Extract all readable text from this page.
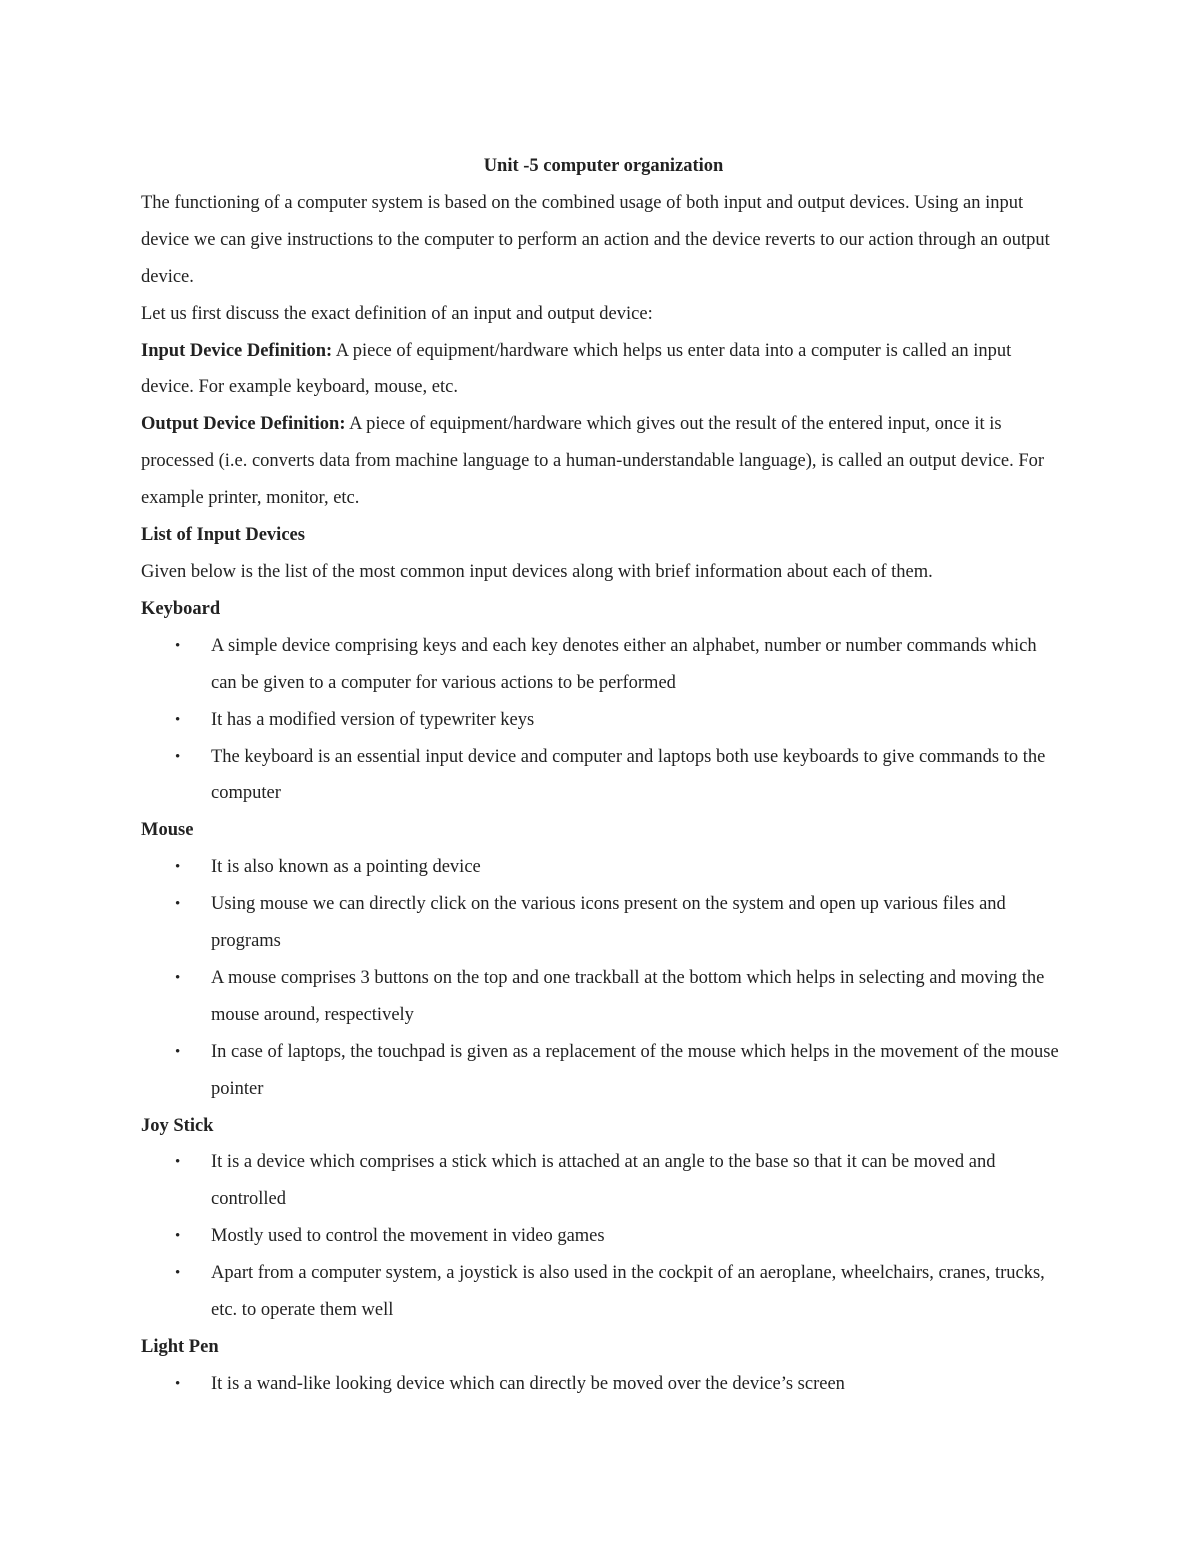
Unit -5 computer organization

The functioning of a computer system is based on the combined usage of both input and output devices. Using an input device we can give instructions to the computer to perform an action and the device reverts to our action through an output device.

Let us first discuss the exact definition of an input and output device:

Input Device Definition: A piece of equipment/hardware which helps us enter data into a computer is called an input device. For example keyboard, mouse, etc.

Output Device Definition: A piece of equipment/hardware which gives out the result of the entered input, once it is processed (i.e. converts data from machine language to a human-understandable language), is called an output device. For example printer, monitor, etc.

List of Input Devices

Given below is the list of the most common input devices along with brief information about each of them.

Keyboard

• A simple device comprising keys and each key denotes either an alphabet, number or number commands which can be given to a computer for various actions to be performed
• It has a modified version of typewriter keys
• The keyboard is an essential input device and computer and laptops both use keyboards to give commands to the computer

Mouse

• It is also known as a pointing device
• Using mouse we can directly click on the various icons present on the system and open up various files and programs
• A mouse comprises 3 buttons on the top and one trackball at the bottom which helps in selecting and moving the mouse around, respectively
• In case of laptops, the touchpad is given as a replacement of the mouse which helps in the movement of the mouse pointer

Joy Stick

• It is a device which comprises a stick which is attached at an angle to the base so that it can be moved and controlled
• Mostly used to control the movement in video games
• Apart from a computer system, a joystick is also used in the cockpit of an aeroplane, wheelchairs, cranes, trucks, etc. to operate them well

Light Pen

• It is a wand-like looking device which can directly be moved over the device’s screen
